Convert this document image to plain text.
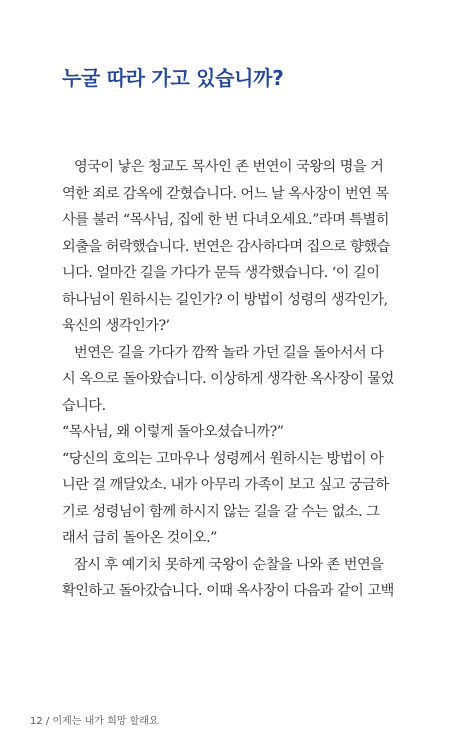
누굴 따라 가고 있습니까?
영국이 낳은 청교도 목사인 존 번연이 국왕의 명을 거
역한 죄로 감옥에 갇혔습니다. 어느 날 옥사장이 번연 목
사를 불러 “목사님, 집에 한 번 다녀오세요.”라며 특별히
외출을 허락했습니다. 번연은 감사하다며 집으로 향했습
니다. 얼마간 길을 가다가 문득 생각했습니다. ‘이 길이
하나님이 원하시는 길인가? 이 방법이 성령의 생각인가,
육신의 생각인가?’
번연은 길을 가다가 깜짝 놀라 가던 길을 돌아서서 다
시 옥으로 돌아왔습니다. 이상하게 생각한 옥사장이 물었
습니다.
“목사님, 왜 이렇게 돌아오셨습니까?”
“당신의 호의는 고마우나 성령께서 원하시는 방법이 아
니란 걸 깨달았소. 내가 아무리 가족이 보고 싶고 궁금하
기로 성령님이 함께 하시지 않는 길을 갈 수는 없소. 그
래서 급히 돌아온 것이오.”
잠시 후 예기치 못하게 국왕이 순찰을 나와 존 번연을
확인하고 돌아갔습니다. 이때 옥사장이 다음과 같이 고백
12 / 이제는 내가 희망 할래요
